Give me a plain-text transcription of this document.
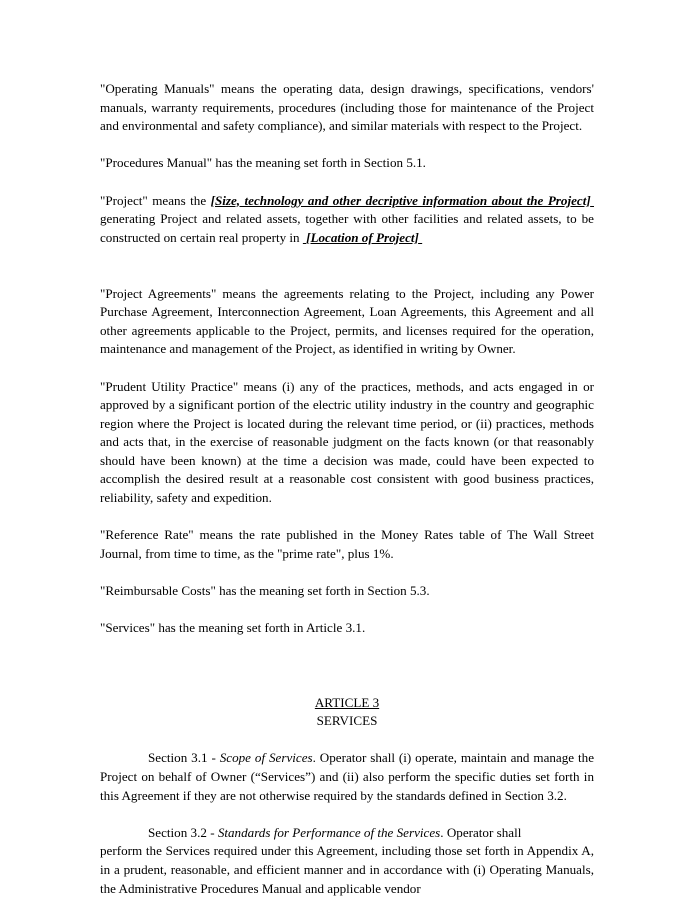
"Operating Manuals" means the operating data, design drawings, specifications, vendors' manuals, warranty requirements, procedures (including those for maintenance of the Project and environmental and safety compliance), and similar materials with respect to the Project.

"Procedures Manual" has the meaning set forth in Section 5.1.

"Project" means the [Size, technology and other decriptive information about the Project]  generating Project and related assets, together with other facilities and related assets, to be constructed on certain real property in  [Location of Project]

"Project Agreements" means the agreements relating to the Project, including any Power Purchase Agreement, Interconnection Agreement, Loan Agreements, this Agreement and all other agreements applicable to the Project, permits, and licenses required for the operation, maintenance and management of the Project, as identified in writing by Owner.

"Prudent Utility Practice" means (i) any of the practices, methods, and acts engaged in or approved by a significant portion of the electric utility industry in the country and geographic region where the Project is located during the relevant time period, or (ii) practices, methods and acts that, in the exercise of reasonable judgment on the facts known (or that reasonably should have been known) at the time a decision was made, could have been expected to accomplish the desired result at a reasonable cost consistent with good business practices, reliability, safety and expedition.

"Reference Rate" means the rate published in the Money Rates table of The Wall Street Journal, from time to time, as the "prime rate", plus 1%.

"Reimbursable Costs" has the meaning set forth in Section 5.3.

"Services" has the meaning set forth in Article 3.1.

ARTICLE 3

SERVICES

Section 3.1 - Scope of Services. Operator shall (i) operate, maintain and manage the Project on behalf of Owner (“Services”) and (ii) also perform the specific duties set forth in this Agreement if they are not otherwise required by the standards defined in Section 3.2.

Section 3.2 - Standards for Performance of the Services. Operator shall
perform the Services required under this Agreement, including those set forth in Appendix A, in a prudent, reasonable, and efficient manner and in accordance with (i) Operating Manuals, the Administrative Procedures Manual and applicable vendor
